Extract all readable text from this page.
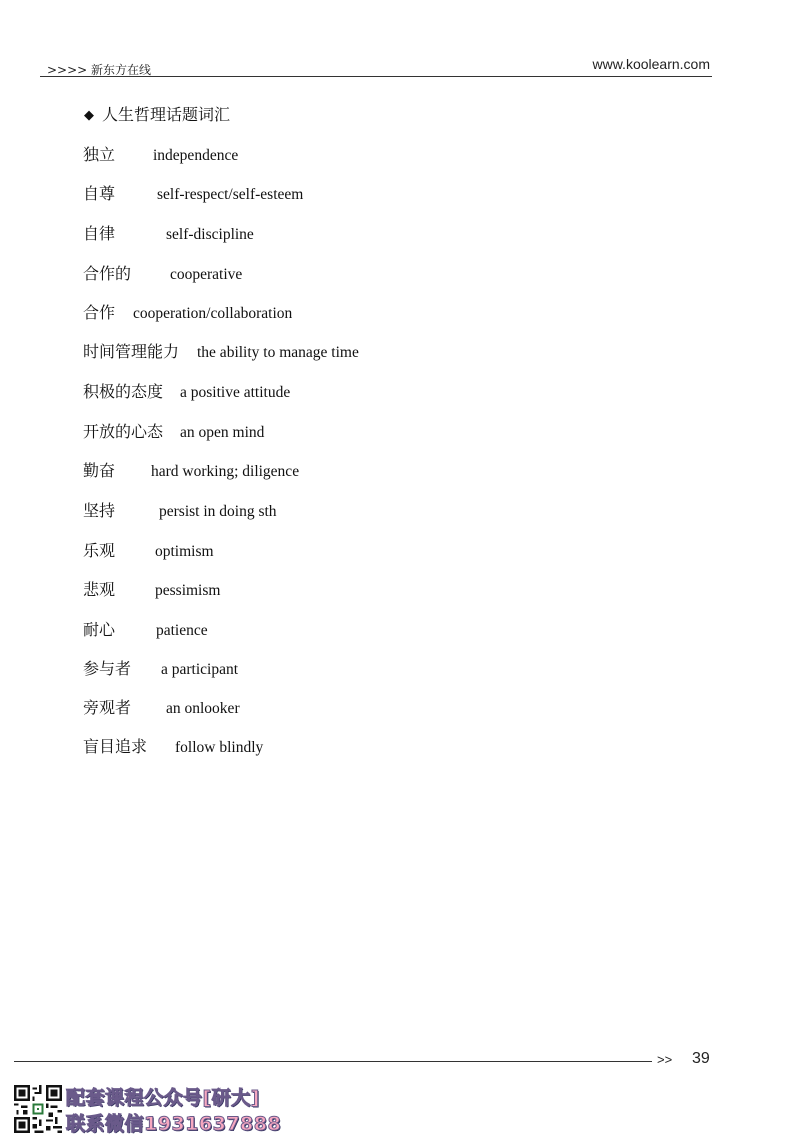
>>>> 新东方在线	www.koolearn.com
◆ 人生哲理话题词汇
独立 independence
自尊	self-respect/self-esteem
自律	self-discipline
合作的	cooperative
合作 cooperation/collaboration
时间管理能力 the ability to manage time
积极的态度 a positive attitude
开放的心态 an open mind
勤奋 hard working; diligence
坚持	persist in doing sth
乐观	optimism
悲观	pessimism
耐心	patience
参与者 a participant
旁观者 an onlooker
盲目追求 follow blindly
>> 39
配套课程公众号[研大]
联系微信1931637888
